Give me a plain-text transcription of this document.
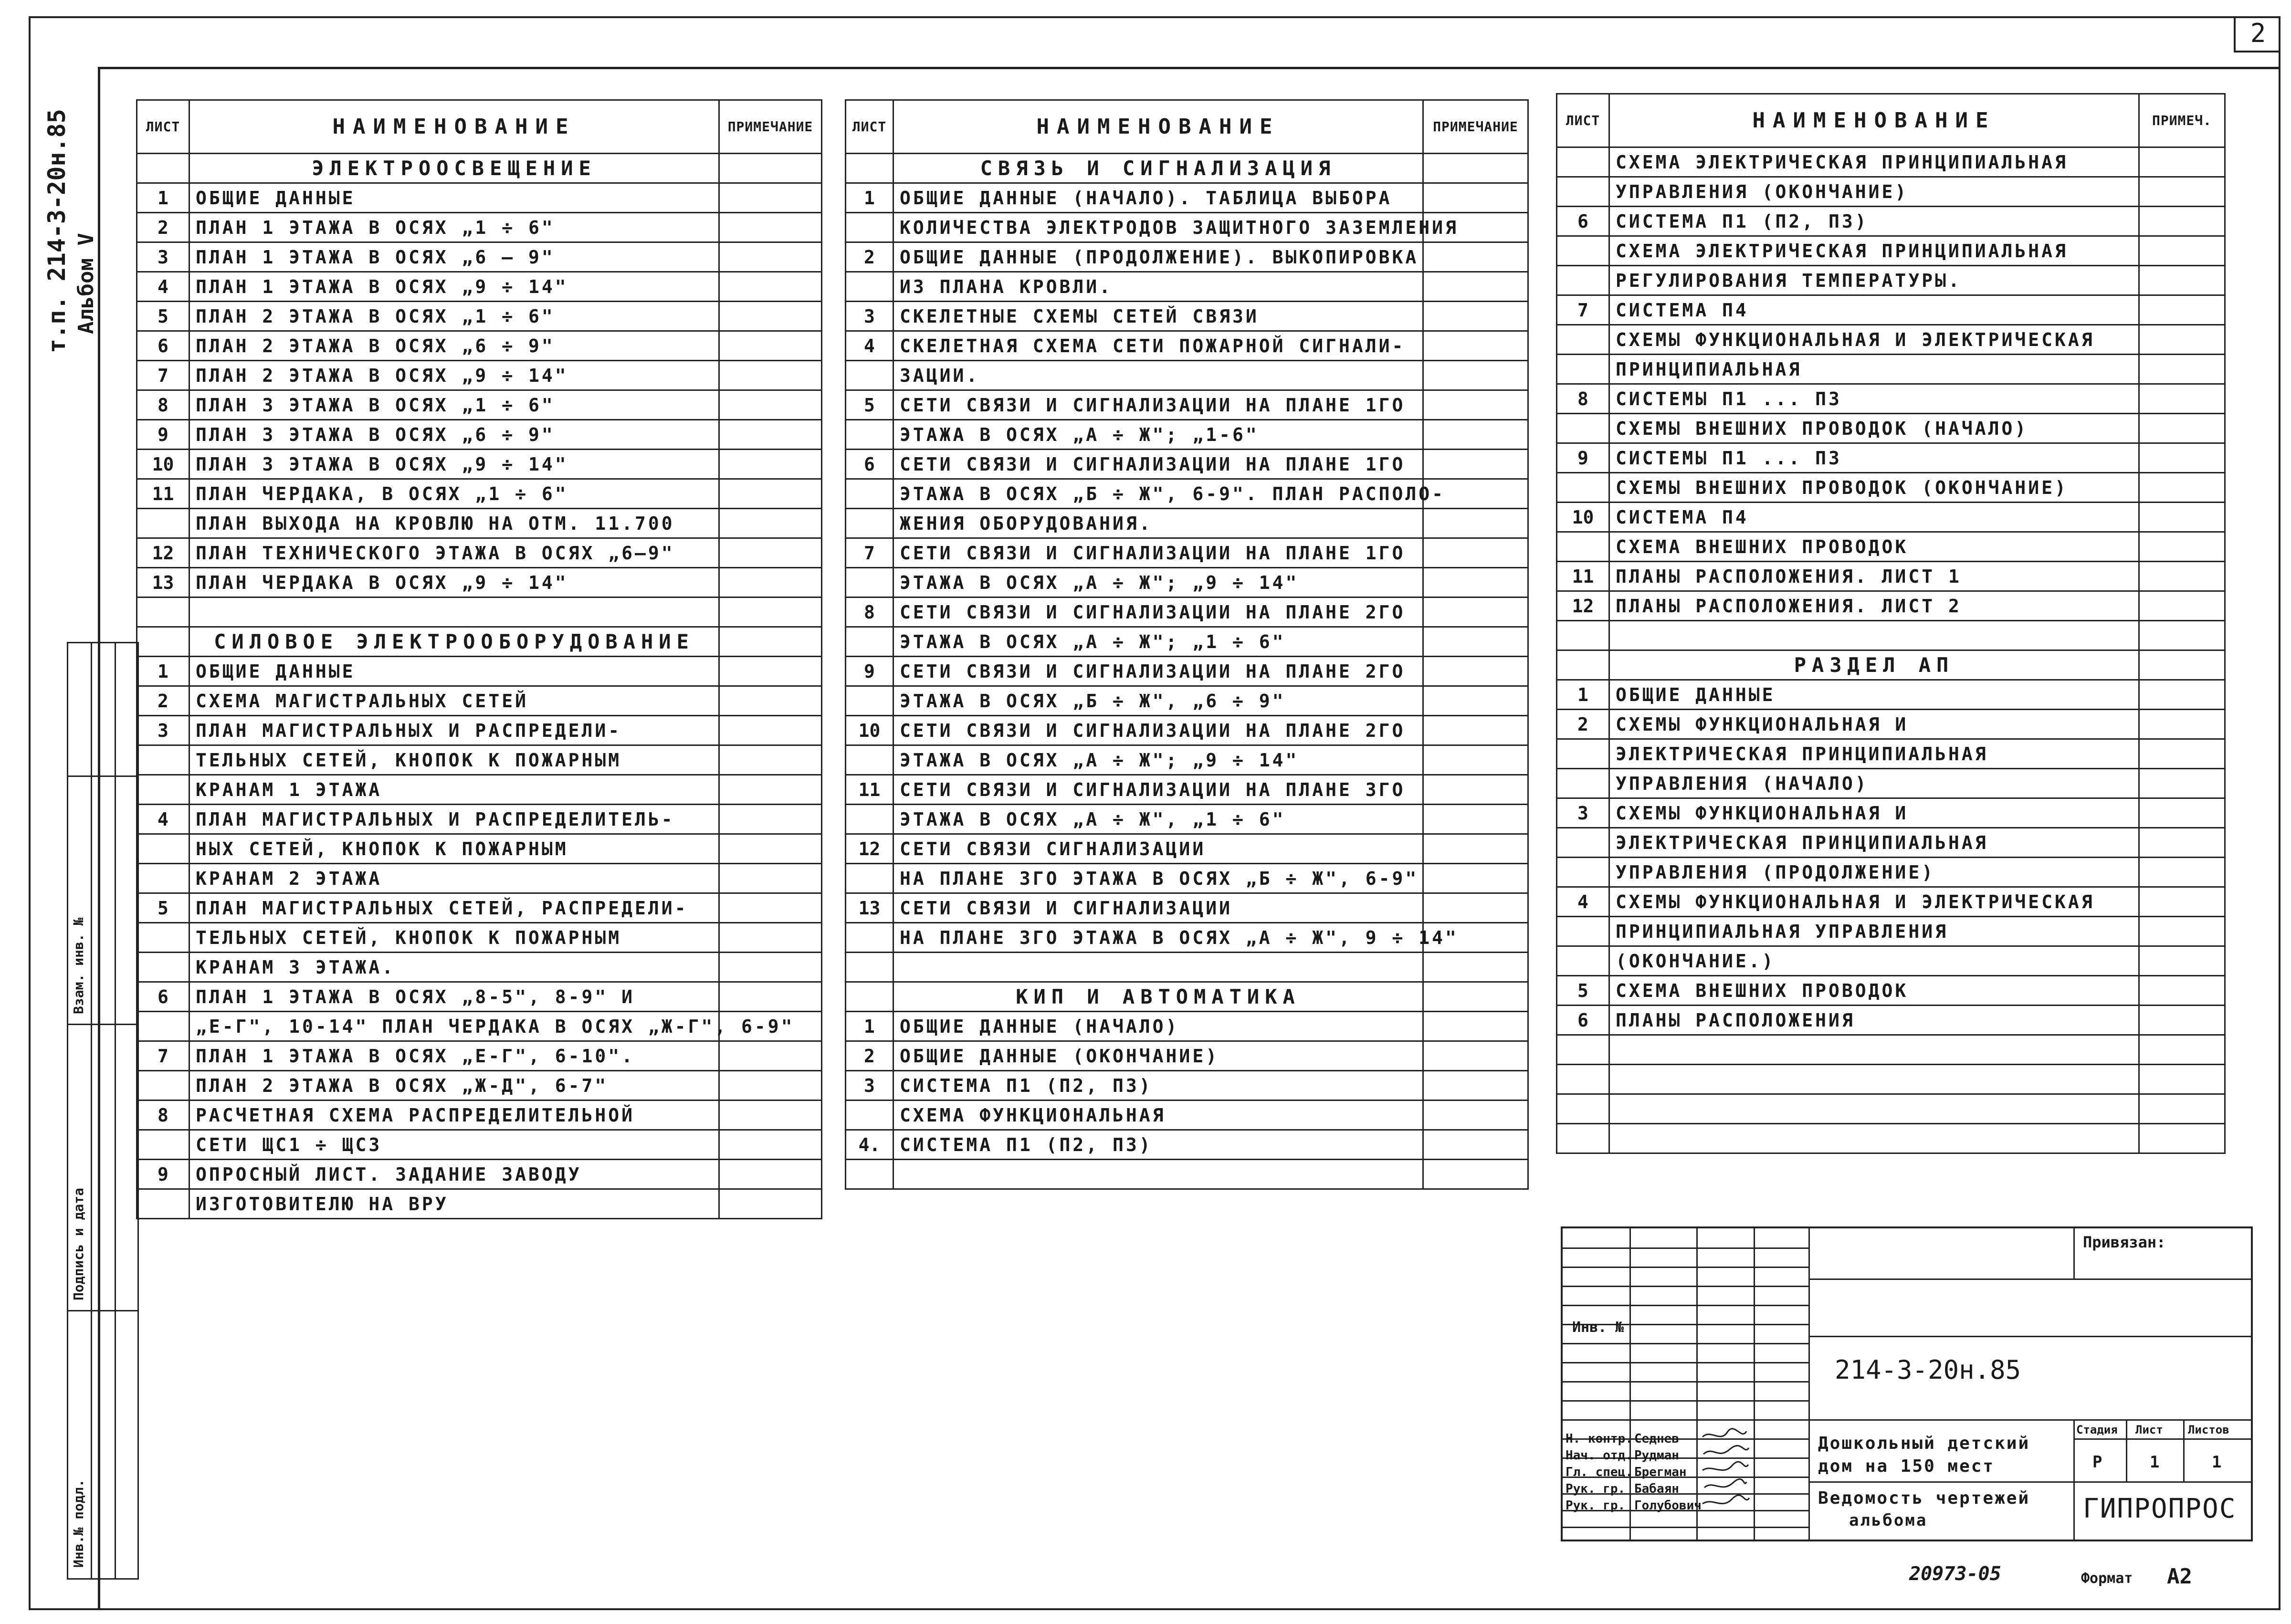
2
т.п. 214-3-20н.85 Альбом V
Инв.№ подл.
Подпись и дата
Взам. инв. №
ЛИСТ	НАИМЕНОВАНИЕ	ПРИМЕЧАНИЕ
	ЭЛЕКТРООСВЕЩЕНИЕ	
1	ОБЩИЕ ДАННЫЕ	
2	ПЛАН 1 ЭТАЖА В ОСЯХ „1 ÷ 6"	
3	ПЛАН 1 ЭТАЖА В ОСЯХ „6 — 9"	
4	ПЛАН 1 ЭТАЖА В ОСЯХ „9 ÷ 14"	
5	ПЛАН 2 ЭТАЖА В ОСЯХ „1 ÷ 6"	
6	ПЛАН 2 ЭТАЖА В ОСЯХ „6 ÷ 9"	
7	ПЛАН 2 ЭТАЖА В ОСЯХ „9 ÷ 14"	
8	ПЛАН 3 ЭТАЖА В ОСЯХ „1 ÷ 6"	
9	ПЛАН 3 ЭТАЖА В ОСЯХ „6 ÷ 9"	
10	ПЛАН 3 ЭТАЖА В ОСЯХ „9 ÷ 14"	
11	ПЛАН ЧЕРДАКА, В ОСЯХ „1 ÷ 6"	
	ПЛАН ВЫХОДА НА КРОВЛЮ НА ОТМ. 11.700	
12	ПЛАН ТЕХНИЧЕСКОГО ЭТАЖА В ОСЯХ „6—9"	
13	ПЛАН ЧЕРДАКА В ОСЯХ „9 ÷ 14"	

	СИЛОВОЕ ЭЛЕКТРООБОРУДОВАНИЕ	
1	ОБЩИЕ ДАННЫЕ	
2	СХЕМА МАГИСТРАЛЬНЫХ СЕТЕЙ	
3	ПЛАН МАГИСТРАЛЬНЫХ И РАСПРЕДЕЛИ-	
	ТЕЛЬНЫХ СЕТЕЙ, КНОПОК К ПОЖАРНЫМ	
	КРАНАМ 1 ЭТАЖА	
4	ПЛАН МАГИСТРАЛЬНЫХ И РАСПРЕДЕЛИТЕЛЬ-	
	НЫХ СЕТЕЙ, КНОПОК К ПОЖАРНЫМ	
	КРАНАМ 2 ЭТАЖА	
5	ПЛАН МАГИСТРАЛЬНЫХ СЕТЕЙ, РАСПРЕДЕЛИ-	
	ТЕЛЬНЫХ СЕТЕЙ, КНОПОК К ПОЖАРНЫМ	
	КРАНАМ 3 ЭТАЖА.	
6	ПЛАН 1 ЭТАЖА В ОСЯХ „8-5", 8-9" И	
	„Е-Г", 10-14" ПЛАН ЧЕРДАКА В ОСЯХ „Ж-Г", 6-9"	
7	ПЛАН 1 ЭТАЖА В ОСЯХ „Е-Г", 6-10".	
	ПЛАН 2 ЭТАЖА В ОСЯХ „Ж-Д", 6-7"	
8	РАСЧЕТНАЯ СХЕМА РАСПРЕДЕЛИТЕЛЬНОЙ	
	СЕТИ ЩС1 ÷ ЩС3	
9	ОПРОСНЫЙ ЛИСТ. ЗАДАНИЕ ЗАВОДУ	
	ИЗГОТОВИТЕЛЮ НА ВРУ	
ЛИСТ	НАИМЕНОВАНИЕ	ПРИМЕЧАНИЕ
	СВЯЗЬ И СИГНАЛИЗАЦИЯ	
1	ОБЩИЕ ДАННЫЕ (НАЧАЛО). ТАБЛИЦА ВЫБОРА	
	КОЛИЧЕСТВА ЭЛЕКТРОДОВ ЗАЩИТНОГО ЗАЗЕМЛЕНИЯ	
2	ОБЩИЕ ДАННЫЕ (ПРОДОЛЖЕНИЕ). ВЫКОПИРОВКА	
	ИЗ ПЛАНА КРОВЛИ.	
3	СКЕЛЕТНЫЕ СХЕМЫ СЕТЕЙ СВЯЗИ	
4	СКЕЛЕТНАЯ СХЕМА СЕТИ ПОЖАРНОЙ СИГНАЛИ-	
	ЗАЦИИ.	
5	СЕТИ СВЯЗИ И СИГНАЛИЗАЦИИ НА ПЛАНЕ 1ГО	
	ЭТАЖА В ОСЯХ „А ÷ Ж"; „1-6"	
6	СЕТИ СВЯЗИ И СИГНАЛИЗАЦИИ НА ПЛАНЕ 1ГО	
	ЭТАЖА В ОСЯХ „Б ÷ Ж", 6-9". ПЛАН РАСПОЛО-	
	ЖЕНИЯ ОБОРУДОВАНИЯ.	
7	СЕТИ СВЯЗИ И СИГНАЛИЗАЦИИ НА ПЛАНЕ 1ГО	
	ЭТАЖА В ОСЯХ „А ÷ Ж"; „9 ÷ 14"	
8	СЕТИ СВЯЗИ И СИГНАЛИЗАЦИИ НА ПЛАНЕ 2ГО	
	ЭТАЖА В ОСЯХ „А ÷ Ж"; „1 ÷ 6"	
9	СЕТИ СВЯЗИ И СИГНАЛИЗАЦИИ НА ПЛАНЕ 2ГО	
	ЭТАЖА В ОСЯХ „Б ÷ Ж", „6 ÷ 9"	
10	СЕТИ СВЯЗИ И СИГНАЛИЗАЦИИ НА ПЛАНЕ 2ГО	
	ЭТАЖА В ОСЯХ „А ÷ Ж"; „9 ÷ 14"	
11	СЕТИ СВЯЗИ И СИГНАЛИЗАЦИИ НА ПЛАНЕ 3ГО	
	ЭТАЖА В ОСЯХ „А ÷ Ж", „1 ÷ 6"	
12	СЕТИ СВЯЗИ СИГНАЛИЗАЦИИ	
	НА ПЛАНЕ 3ГО ЭТАЖА В ОСЯХ „Б ÷ Ж", 6-9"	
13	СЕТИ СВЯЗИ И СИГНАЛИЗАЦИИ	
	НА ПЛАНЕ 3ГО ЭТАЖА В ОСЯХ „А ÷ Ж", 9 ÷ 14"	

	КИП И АВТОМАТИКА	
1	ОБЩИЕ ДАННЫЕ (НАЧАЛО)	
2	ОБЩИЕ ДАННЫЕ (ОКОНЧАНИЕ)	
3	СИСТЕМА П1 (П2, П3)	
	СХЕМА ФУНКЦИОНАЛЬНАЯ	
4.	СИСТЕМА П1 (П2, П3)	

ЛИСТ	НАИМЕНОВАНИЕ	ПРИМЕЧ.
	СХЕМА ЭЛЕКТРИЧЕСКАЯ ПРИНЦИПИАЛЬНАЯ	
	УПРАВЛЕНИЯ (ОКОНЧАНИЕ)	
6	СИСТЕМА П1 (П2, П3)	
	СХЕМА ЭЛЕКТРИЧЕСКАЯ ПРИНЦИПИАЛЬНАЯ	
	РЕГУЛИРОВАНИЯ ТЕМПЕРАТУРЫ.	
7	СИСТЕМА П4	
	СХЕМЫ ФУНКЦИОНАЛЬНАЯ И ЭЛЕКТРИЧЕСКАЯ	
	ПРИНЦИПИАЛЬНАЯ	
8	СИСТЕМЫ П1 ... П3	
	СХЕМЫ ВНЕШНИХ ПРОВОДОК (НАЧАЛО)	
9	СИСТЕМЫ П1 ... П3	
	СХЕМЫ ВНЕШНИХ ПРОВОДОК (ОКОНЧАНИЕ)	
10	СИСТЕМА П4	
	СХЕМА ВНЕШНИХ ПРОВОДОК	
11	ПЛАНЫ РАСПОЛОЖЕНИЯ. ЛИСТ 1	
12	ПЛАНЫ РАСПОЛОЖЕНИЯ. ЛИСТ 2	

	РАЗДЕЛ АП	
1	ОБЩИЕ ДАННЫЕ	
2	СХЕМЫ ФУНКЦИОНАЛЬНАЯ И	
	ЭЛЕКТРИЧЕСКАЯ ПРИНЦИПИАЛЬНАЯ	
	УПРАВЛЕНИЯ (НАЧАЛО)	
3	СХЕМЫ ФУНКЦИОНАЛЬНАЯ И	
	ЭЛЕКТРИЧЕСКАЯ ПРИНЦИПИАЛЬНАЯ	
	УПРАВЛЕНИЯ (ПРОДОЛЖЕНИЕ)	
4	СХЕМЫ ФУНКЦИОНАЛЬНАЯ И ЭЛЕКТРИЧЕСКАЯ	
	ПРИНЦИПИАЛЬНАЯ УПРАВЛЕНИЯ	
	(ОКОНЧАНИЕ.)	
5	СХЕМА ВНЕШНИХ ПРОВОДОК	
6	ПЛАНЫ РАСПОЛОЖЕНИЯ	

Привязан:
Инв. №
214-3-20н.85
Н. контр.
Нач. отд.
Гл. спец.
Рук. гр.
Рук. гр.
Седнев
Рудман
Брегман
Бабаян
Голубович
Дошкольный детский
дом на 150 мест
Ведомость чертежей
альбома
Стадия Лист Листов
Р	1	1
ГИПРОПРОС
20973-05	Формат А2
